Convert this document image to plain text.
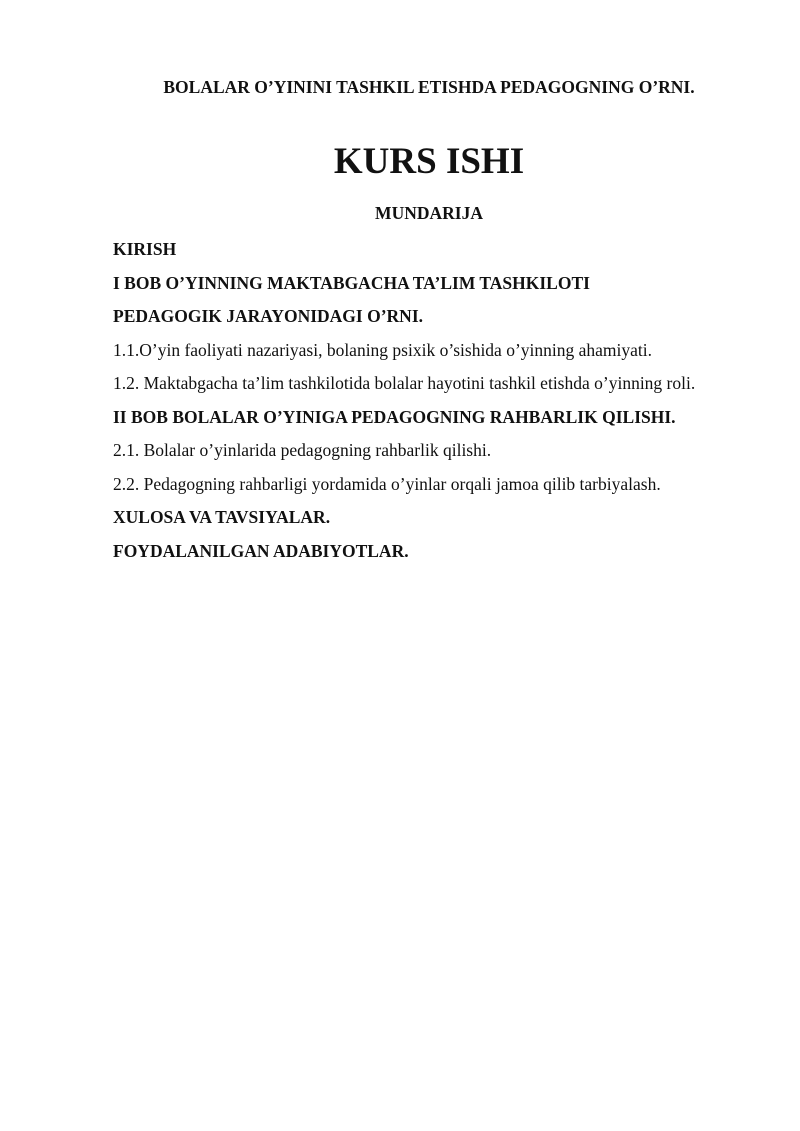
BOLALAR O’YININI TASHKIL ETISHDA PEDAGOGNING O’RNI.
KURS ISHI
MUNDARIJA
KIRISH
I BOB O’YINNING MAKTABGACHA TA’LIM TASHKILOTI
PEDAGOGIK JARAYONIDAGI O’RNI.
1.1.O’yin faoliyati nazariyasi, bolaning psixik o’sishida o’yinning ahamiyati.
1.2. Maktabgacha ta’lim tashkilotida bolalar hayotini tashkil etishda o’yinning roli.
II BOB BOLALAR O’YINIGA PEDAGOGNING RAHBARLIK QILISHI.
2.1. Bolalar o’yinlarida pedagogning rahbarlik qilishi.
2.2. Pedagogning rahbarligi yordamida o’yinlar orqali jamoa qilib tarbiyalash.
XULOSA VA TAVSIYALAR.
FOYDALANILGAN ADABIYOTLAR.
